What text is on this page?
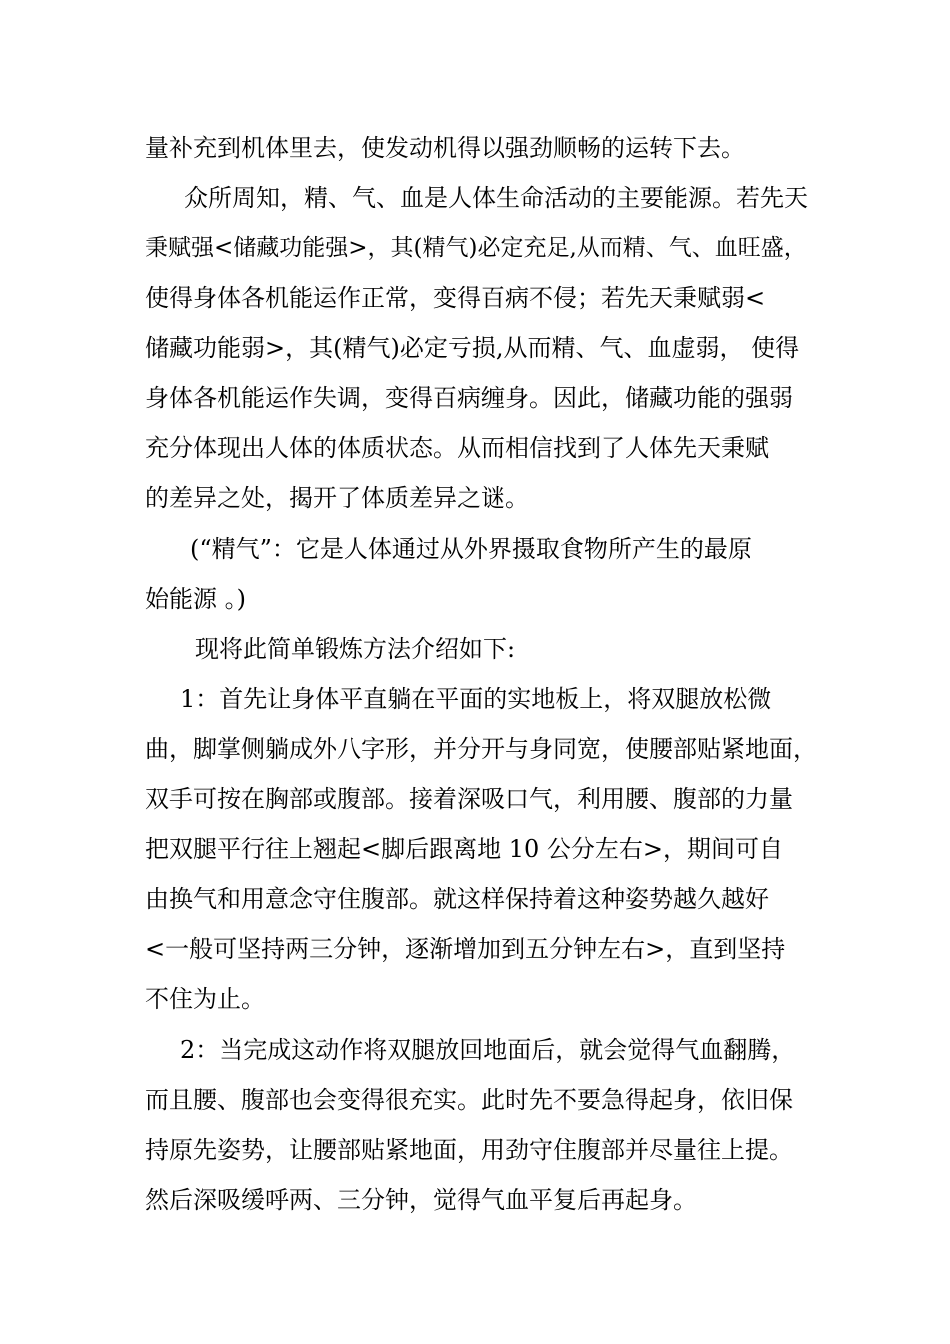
量补充到机体里去，使发动机得以强劲顺畅的运转下去。
众所周知，精、气、血是人体生命活动的主要能源。若先天
秉赋强<储藏功能强>，其(精气)必定充足,从而精、气、血旺盛，
使得身体各机能运作正常，变得百病不侵；若先天秉赋弱<
储藏功能弱>，其(精气)必定亏损,从而精、气、血虚弱， 使得
身体各机能运作失调，变得百病缠身。因此，储藏功能的强弱
充分体现出人体的体质状态。从而相信找到了人体先天秉赋
的差异之处，揭开了体质差异之谜。
(“精气”：它是人体通过从外界摄取食物所产生的最原
始能源 。)
现将此简单锻炼方法介绍如下:
1：首先让身体平直躺在平面的实地板上，将双腿放松微
曲，脚掌侧躺成外八字形，并分开与身同宽，使腰部贴紧地面，
双手可按在胸部或腹部。接着深吸口气，利用腰、腹部的力量
把双腿平行往上翘起<脚后跟离地 10 公分左右>，期间可自
由换气和用意念守住腹部。就这样保持着这种姿势越久越好
<一般可坚持两三分钟，逐渐增加到五分钟左右>，直到坚持
不住为止。
2：当完成这动作将双腿放回地面后，就会觉得气血翻腾，
而且腰、腹部也会变得很充实。此时先不要急得起身，依旧保
持原先姿势，让腰部贴紧地面，用劲守住腹部并尽量往上提。
然后深吸缓呼两、三分钟，觉得气血平复后再起身。
